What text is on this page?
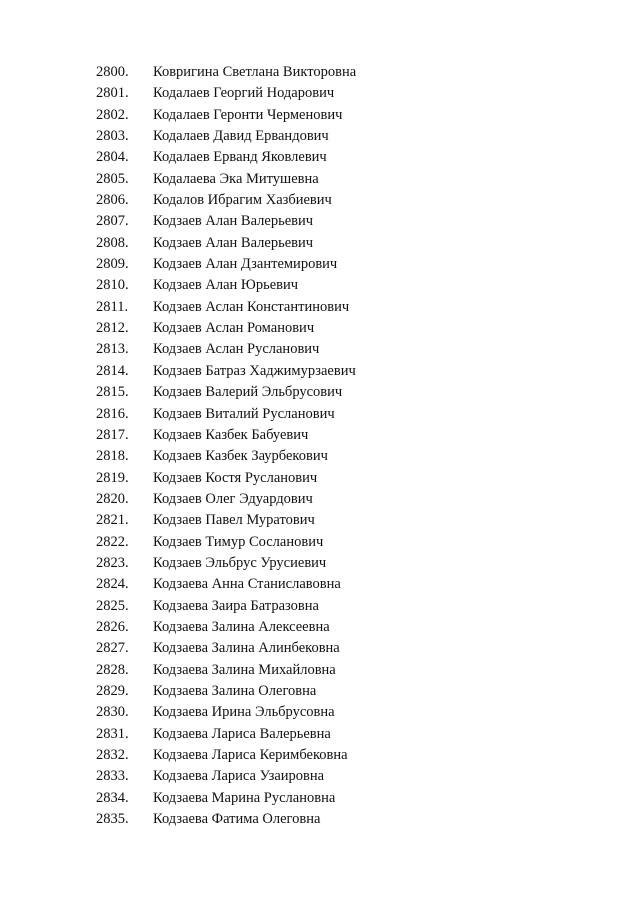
2800. Ковригина Светлана Викторовна
2801. Кодалаев Георгий Нодарович
2802. Кодалаев Геронти Черменович
2803. Кодалаев Давид Ервандович
2804. Кодалаев Ерванд Яковлевич
2805. Кодалаева Эка Митушевна
2806. Кодалов Ибрагим Хазбиевич
2807. Кодзаев Алан Валерьевич
2808. Кодзаев Алан Валерьевич
2809. Кодзаев Алан Дзантемирович
2810. Кодзаев Алан Юрьевич
2811. Кодзаев Аслан Константинович
2812. Кодзаев Аслан Романович
2813. Кодзаев Аслан Русланович
2814. Кодзаев Батраз Хаджимурзаевич
2815. Кодзаев Валерий Эльбрусович
2816. Кодзаев Виталий Русланович
2817. Кодзаев Казбек Бабуевич
2818. Кодзаев Казбек Заурбекович
2819. Кодзаев Костя Русланович
2820. Кодзаев Олег Эдуардович
2821. Кодзаев Павел Муратович
2822. Кодзаев Тимур Сосланович
2823. Кодзаев Эльбрус Урусиевич
2824. Кодзаева Анна Станиславовна
2825. Кодзаева Заира Батразовна
2826. Кодзаева Залина Алексеевна
2827. Кодзаева Залина Алинбековна
2828. Кодзаева Залина Михайловна
2829. Кодзаева Залина Олеговна
2830. Кодзаева Ирина Эльбрусовна
2831. Кодзаева Лариса Валерьевна
2832. Кодзаева Лариса Керимбековна
2833. Кодзаева Лариса Узаировна
2834. Кодзаева Марина Руслановна
2835. Кодзаева Фатима Олеговна
